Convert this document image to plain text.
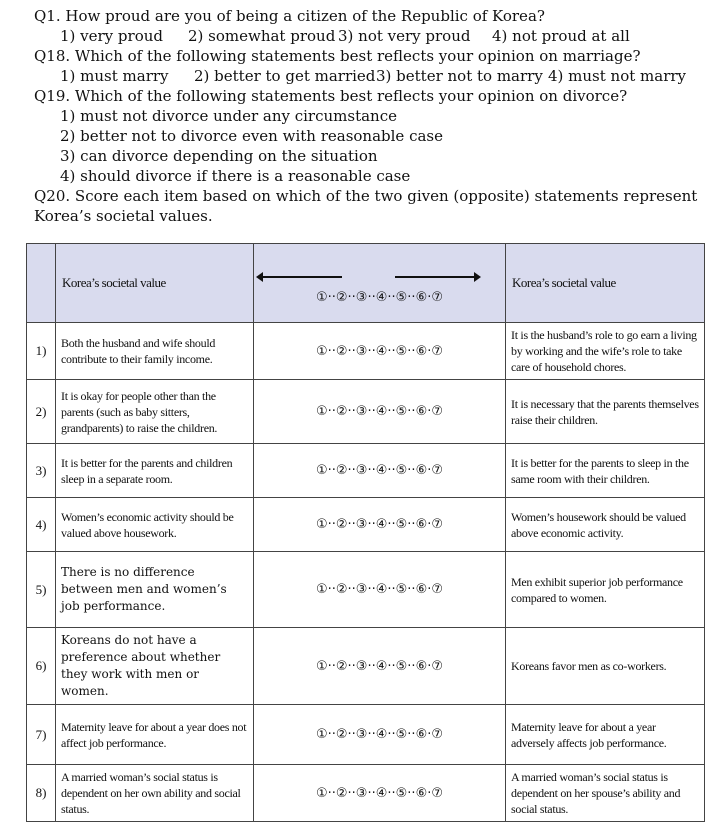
Q1. How proud are you of being a citizen of the Republic of Korea?
1) very proud 2) somewhat proud 3) not very proud 4) not proud at all
Q18. Which of the following statements best reflects your opinion on marriage?
1) must marry 2) better to get married3) better not to marry 4) must not marry
Q19. Which of the following statements best reflects your opinion on divorce?
1) must not divorce under any circumstance
2) better not to divorce even with reasonable case
3) can divorce depending on the situation
4) should divorce if there is a reasonable case
Q20. Score each item based on which of the two given (opposite) statements represent
Korea’s societal values.
	Korea’s societal value	①··②··③··④··⑤··⑥·⑦	Korea’s societal value
1)	Both the husband and wife should contribute to their family income.	①··②··③··④··⑤··⑥·⑦	It is the husband’s role to go earn a living by working and the wife’s role to take care of household chores.
2)	It is okay for people other than the parents (such as baby sitters, grandparents) to raise the children.	①··②··③··④··⑤··⑥·⑦	It is necessary that the parents themselves raise their children.
3)	It is better for the parents and children sleep in a separate room.	①··②··③··④··⑤··⑥·⑦	It is better for the parents to sleep in the same room with their children.
4)	Women’s economic activity should be valued above housework.	①··②··③··④··⑤··⑥·⑦	Women’s housework should be valued above economic activity.
5)	There is no difference between men and women’s job performance.	①··②··③··④··⑤··⑥·⑦	Men exhibit superior job performance compared to women.
6)	Koreans do not have a preference about whether they work with men or women.	①··②··③··④··⑤··⑥·⑦	Koreans favor men as co-workers.
7)	Maternity leave for about a year does not affect job performance.	①··②··③··④··⑤··⑥·⑦	Maternity leave for about a year adversely affects job performance.
8)	A married woman’s social status is dependent on her own ability and social status.	①··②··③··④··⑤··⑥·⑦	A married woman’s social status is dependent on her spouse’s ability and social status.
